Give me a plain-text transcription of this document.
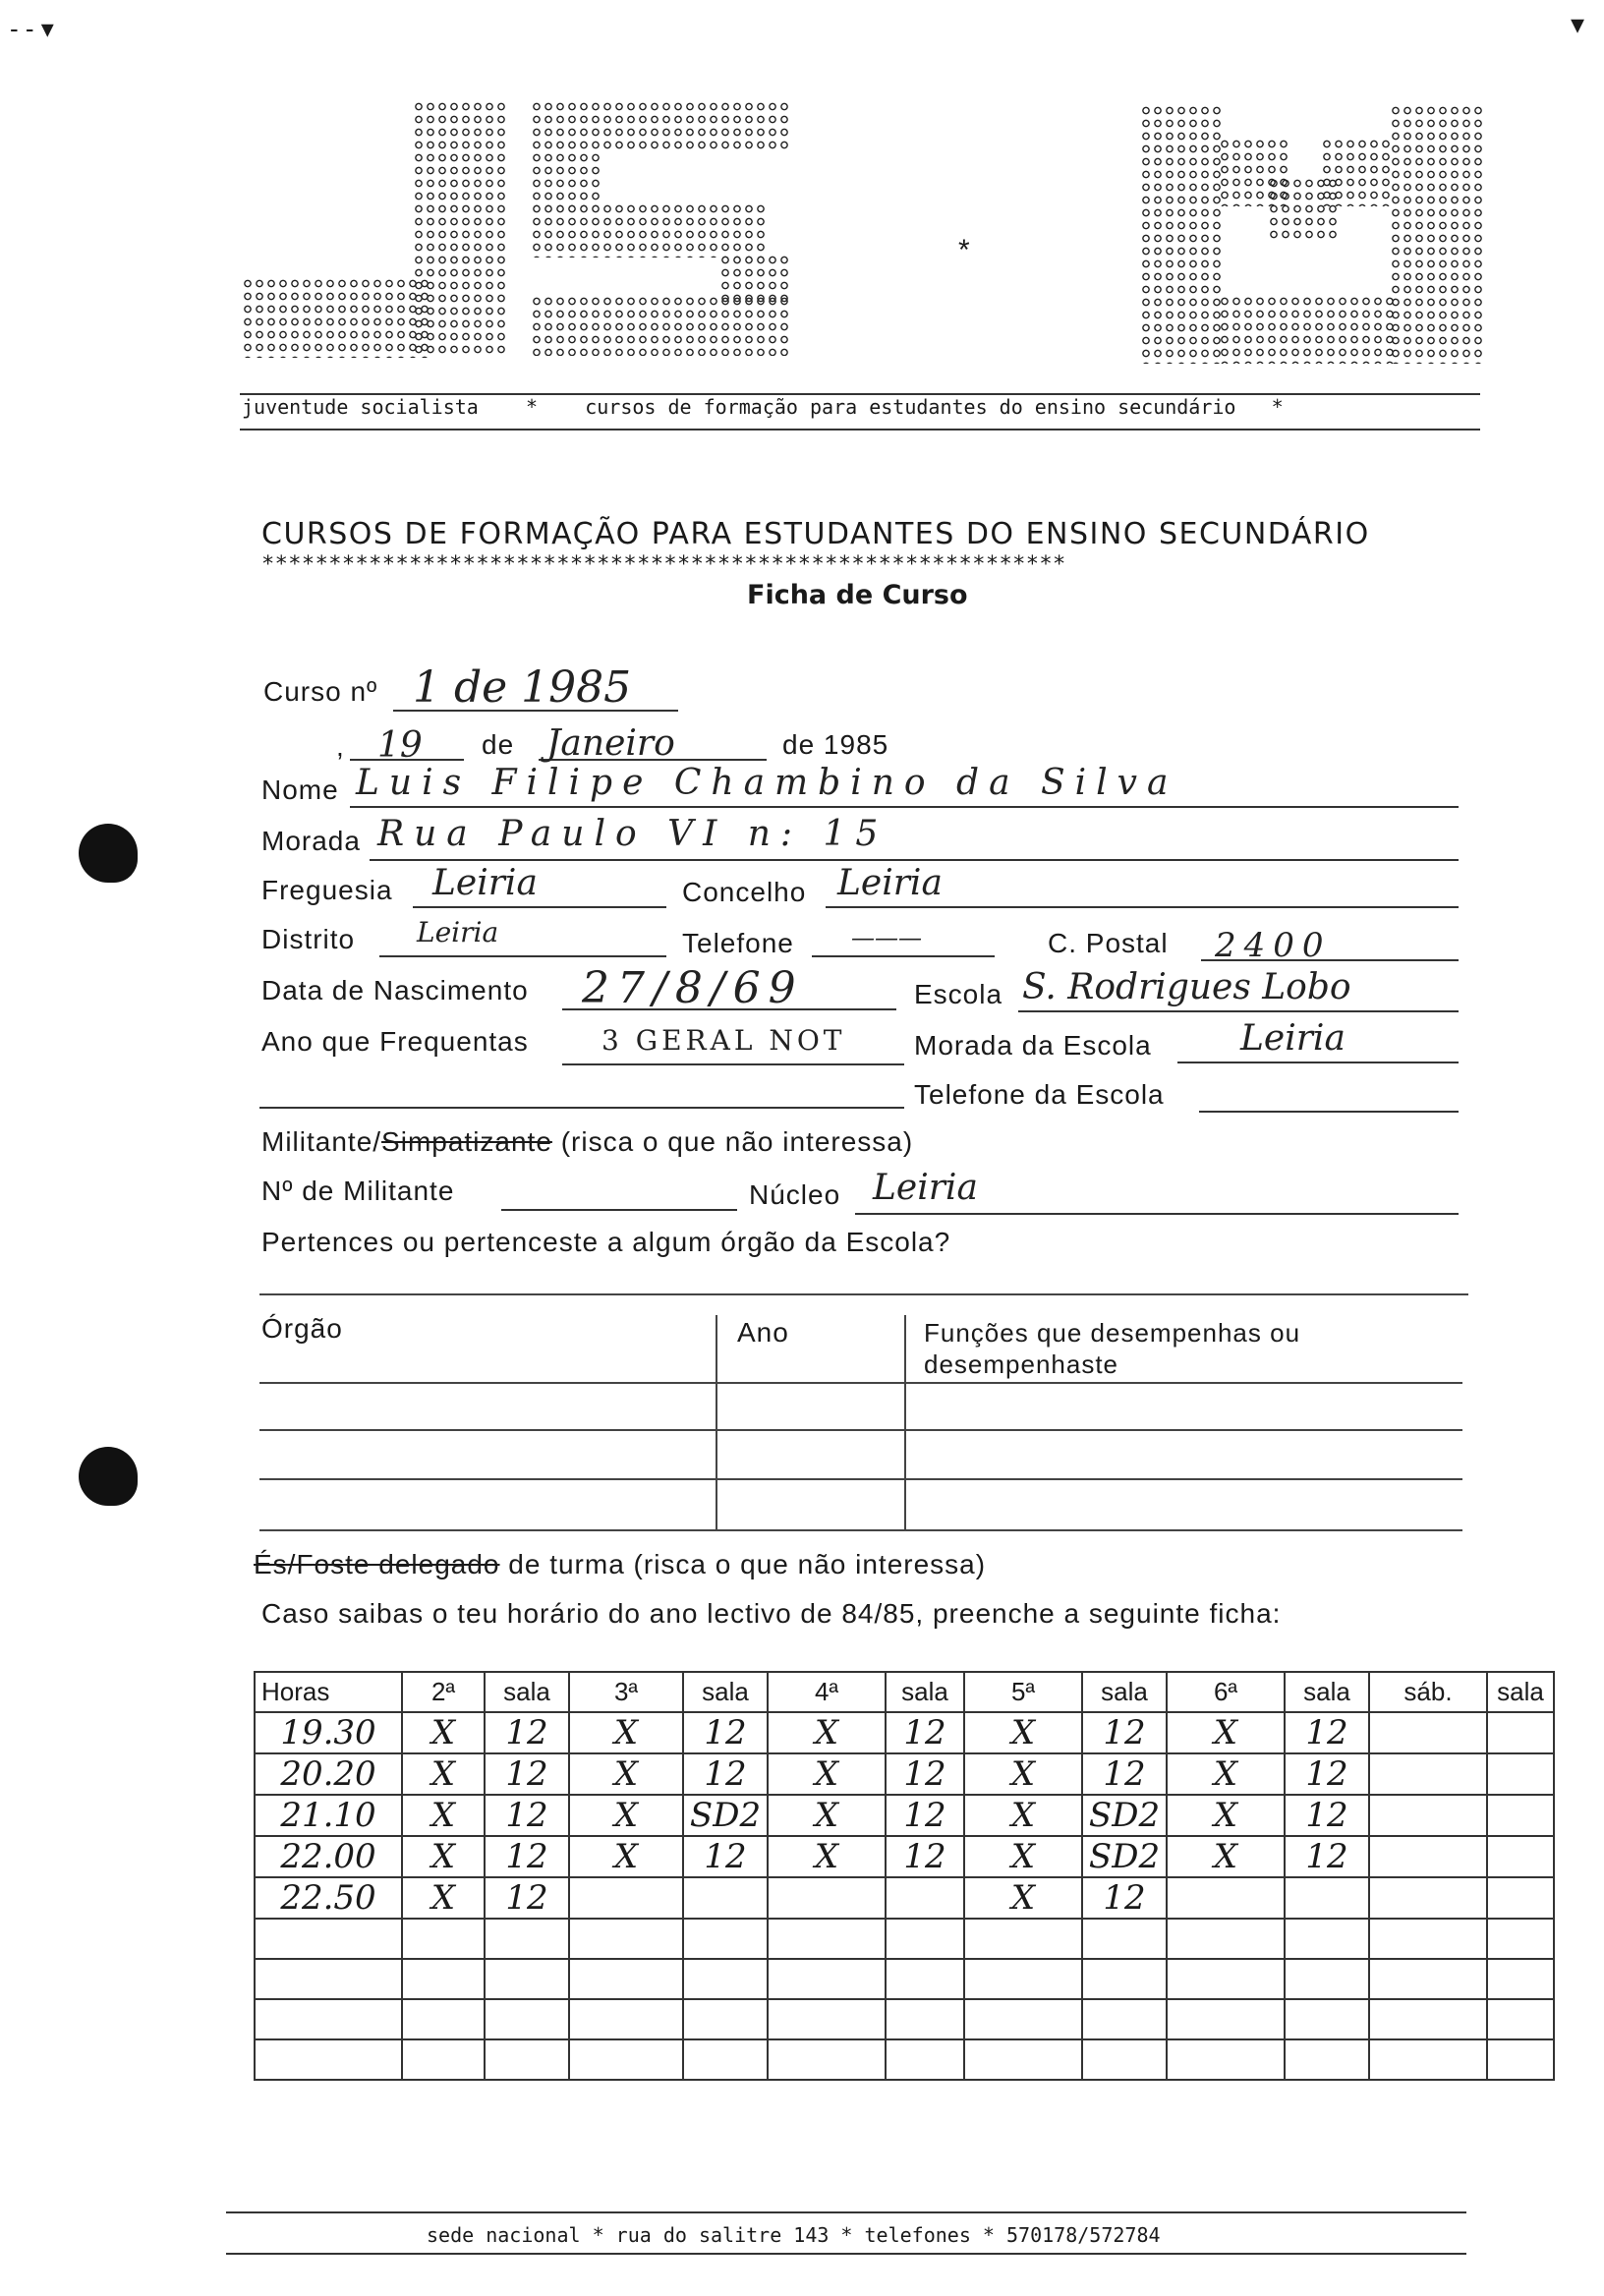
- - ▾	▾
*
juventude socialista * cursos de formação para estudantes do ensino secundário *
CURSOS DE FORMAÇÃO PARA ESTUDANTES DO ENSINO SECUNDÁRIO
************************************************************
Ficha de Curso
Curso nº 1 de 1985
, 19 de Janeiro	de 1985
Nome Luis Filipe Chambino da Silva
Morada Rua Paulo VI n: 15
Freguesia Leiria	Concelho Leiria
Distrito Leiria	Telefone ———	C. Postal 2400
Data de Nascimento 27/8/69	Escola S. Rodrigues Lobo
Ano que Frequentas	3 GERAL NOT Morada da Escola	Leiria
Telefone da Escola
Militante/Simpatizante (risca o que não interessa)
Nº de Militante	Núcleo Leiria
Pertences ou pertenceste a algum órgão da Escola?
Órgão	Ano	Funções que desempenhas ou
desempenhaste
És/Foste delegado de turma (risca o que não interessa)
Caso saibas o teu horário do ano lectivo de 84/85, preenche a seguinte ficha:
Horas	2ª	sala	3ª	sala	4ª	sala	5ª	sala	6ª	sala	sáb.	sala
19.30	X	12	X	12	X	12	X	12	X	12		
20.20	X	12	X	12	X	12	X	12	X	12		
21.10	X	12	X	SD2	X	12	X	SD2	X	12		
22.00	X	12	X	12	X	12	X	SD2	X	12		
22.50	X	12					X	12				

sede nacional * rua do salitre 143 * telefones * 570178/572784
